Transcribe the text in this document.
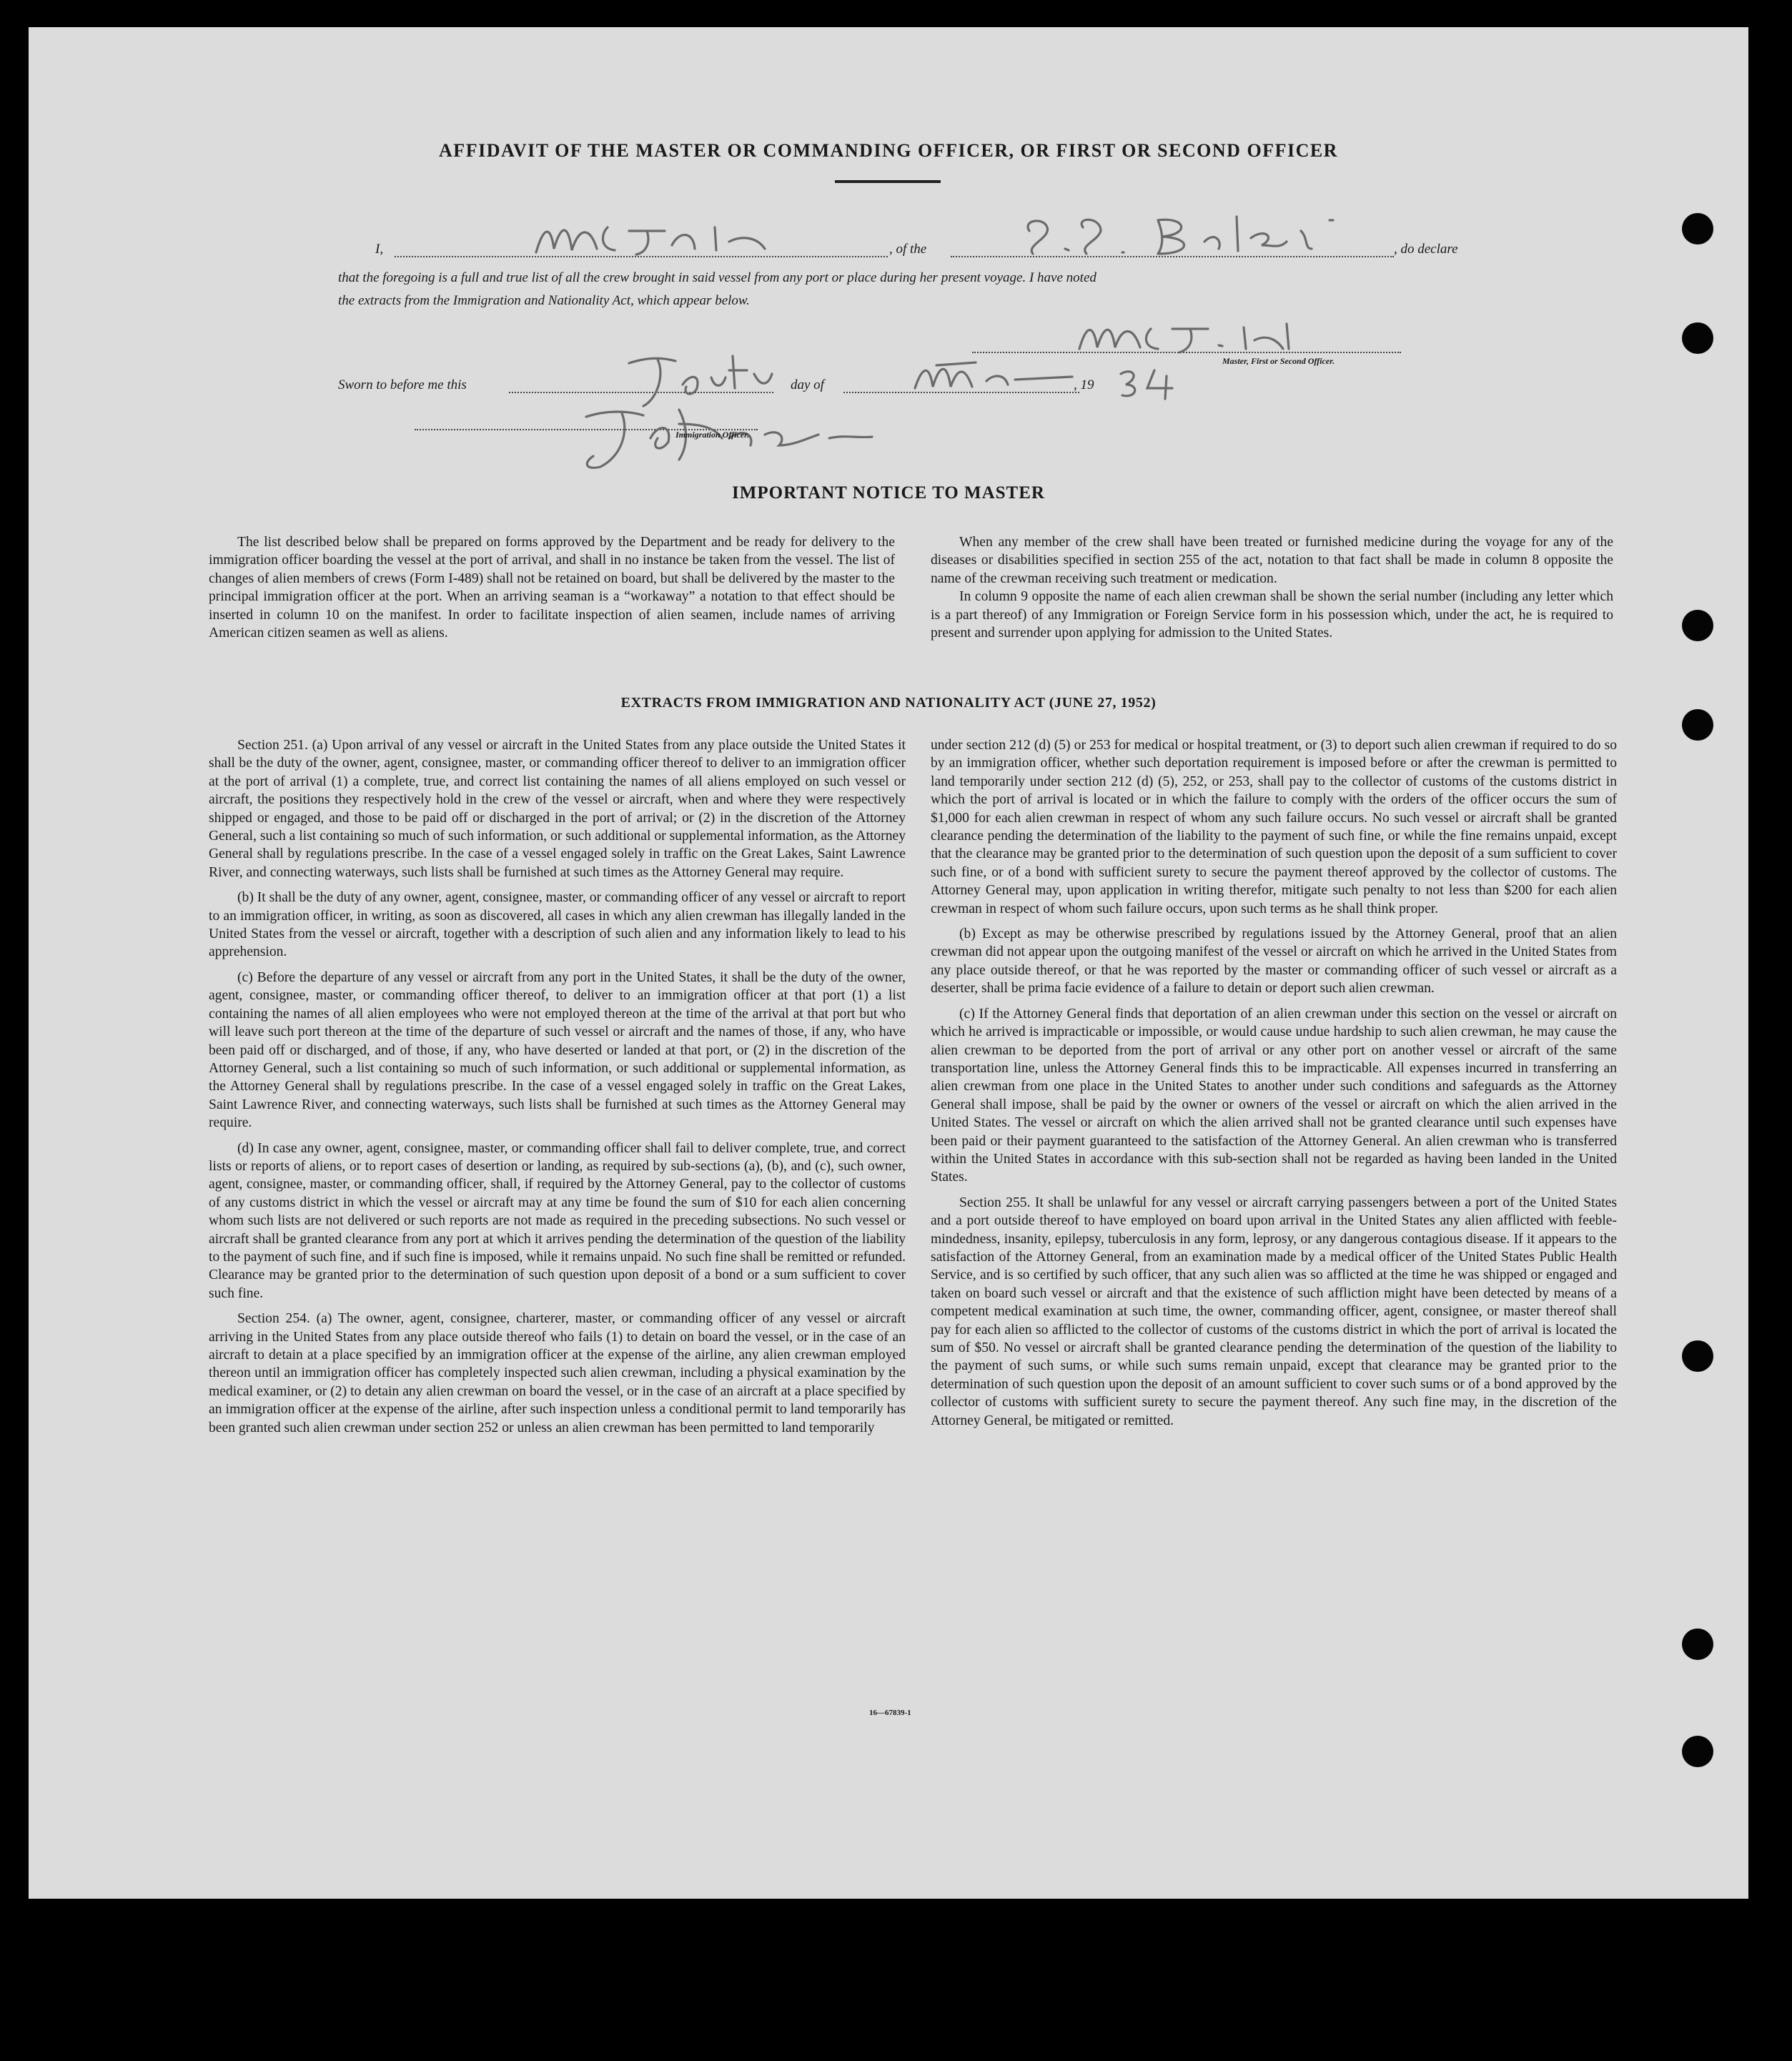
AFFIDAVIT OF THE MASTER OR COMMANDING OFFICER, OR FIRST OR SECOND OFFICER
I,	, of the	, do declare
that the foregoing is a full and true list of all the crew brought in said vessel from any port or place during her present voyage. I have noted
the extracts from the Immigration and Nationality Act, which appear below.
Master, First or Second Officer.
Sworn to before me this	day of	, 19
Immigration Officer.
IMPORTANT NOTICE TO MASTER

The list described below shall be prepared on forms approved by the Department and be ready for delivery to the immigration officer boarding the vessel at the port of arrival, and shall in no instance be taken from the vessel. The list of changes of alien members of crews (Form I-489) shall not be retained on board, but shall be delivered by the master to the principal immigration officer at the port. When an arriving seaman is a “workaway” a notation to that effect should be inserted in column 10 on the manifest. In order to facilitate inspection of alien seamen, include names of arriving American citizen seamen as well as aliens.

When any member of the crew shall have been treated or furnished medicine during the voyage for any of the diseases or disabilities specified in section 255 of the act, notation to that fact shall be made in column 8 opposite the name of the crewman receiving such treatment or medication.

In column 9 opposite the name of each alien crewman shall be shown the serial number (including any letter which is a part thereof) of any Immigration or Foreign Service form in his possession which, under the act, he is required to present and surrender upon applying for admission to the United States.

EXTRACTS FROM IMMIGRATION AND NATIONALITY ACT (JUNE 27, 1952)

Section 251. (a) Upon arrival of any vessel or aircraft in the United States from any place outside the United States it shall be the duty of the owner, agent, consignee, master, or commanding officer thereof to deliver to an immigration officer at the port of arrival (1) a complete, true, and correct list containing the names of all aliens employed on such vessel or aircraft, the positions they respectively hold in the crew of the vessel or aircraft, when and where they were respectively shipped or engaged, and those to be paid off or discharged in the port of arrival; or (2) in the discretion of the Attorney General, such a list containing so much of such information, or such additional or supplemental information, as the Attorney General shall by regulations prescribe. In the case of a vessel engaged solely in traffic on the Great Lakes, Saint Lawrence River, and connecting waterways, such lists shall be furnished at such times as the Attorney General may require.

(b) It shall be the duty of any owner, agent, consignee, master, or commanding officer of any vessel or aircraft to report to an immigration officer, in writing, as soon as discovered, all cases in which any alien crewman has illegally landed in the United States from the vessel or aircraft, together with a description of such alien and any information likely to lead to his apprehension.

(c) Before the departure of any vessel or aircraft from any port in the United States, it shall be the duty of the owner, agent, consignee, master, or commanding officer thereof, to deliver to an immigration officer at that port (1) a list containing the names of all alien employees who were not employed thereon at the time of the arrival at that port but who will leave such port thereon at the time of the departure of such vessel or aircraft and the names of those, if any, who have been paid off or discharged, and of those, if any, who have deserted or landed at that port, or (2) in the discretion of the Attorney General, such a list containing so much of such information, or such additional or supplemental information, as the Attorney General shall by regulations prescribe. In the case of a vessel engaged solely in traffic on the Great Lakes, Saint Lawrence River, and connecting waterways, such lists shall be furnished at such times as the Attorney General may require.

(d) In case any owner, agent, consignee, master, or commanding officer shall fail to deliver complete, true, and correct lists or reports of aliens, or to report cases of desertion or landing, as required by sub-sections (a), (b), and (c), such owner, agent, consignee, master, or commanding officer, shall, if required by the Attorney General, pay to the collector of customs of any customs district in which the vessel or aircraft may at any time be found the sum of $10 for each alien concerning whom such lists are not delivered or such reports are not made as required in the preceding subsections. No such vessel or aircraft shall be granted clearance from any port at which it arrives pending the determination of the question of the liability to the payment of such fine, and if such fine is imposed, while it remains unpaid. No such fine shall be remitted or refunded. Clearance may be granted prior to the determination of such question upon deposit of a bond or a sum sufficient to cover such fine.

Section 254. (a) The owner, agent, consignee, charterer, master, or commanding officer of any vessel or aircraft arriving in the United States from any place outside thereof who fails (1) to detain on board the vessel, or in the case of an aircraft to detain at a place specified by an immigration officer at the expense of the airline, any alien crewman employed thereon until an immigration officer has completely inspected such alien crewman, including a physical examination by the medical examiner, or (2) to detain any alien crewman on board the vessel, or in the case of an aircraft at a place specified by an immigration officer at the expense of the airline, after such inspection unless a conditional permit to land temporarily has been granted such alien crewman under section 252 or unless an alien crewman has been permitted to land temporarily

under section 212 (d) (5) or 253 for medical or hospital treatment, or (3) to deport such alien crewman if required to do so by an immigration officer, whether such deportation requirement is imposed before or after the crewman is permitted to land temporarily under section 212 (d) (5), 252, or 253, shall pay to the collector of customs of the customs district in which the port of arrival is located or in which the failure to comply with the orders of the officer occurs the sum of $1,000 for each alien crewman in respect of whom any such failure occurs. No such vessel or aircraft shall be granted clearance pending the determination of the liability to the payment of such fine, or while the fine remains unpaid, except that the clearance may be granted prior to the determination of such question upon the deposit of a sum sufficient to cover such fine, or of a bond with sufficient surety to secure the payment thereof approved by the collector of customs. The Attorney General may, upon application in writing therefor, mitigate such penalty to not less than $200 for each alien crewman in respect of whom such failure occurs, upon such terms as he shall think proper.

(b) Except as may be otherwise prescribed by regulations issued by the Attorney General, proof that an alien crewman did not appear upon the outgoing manifest of the vessel or aircraft on which he arrived in the United States from any place outside thereof, or that he was reported by the master or commanding officer of such vessel or aircraft as a deserter, shall be prima facie evidence of a failure to detain or deport such alien crewman.

(c) If the Attorney General finds that deportation of an alien crewman under this section on the vessel or aircraft on which he arrived is impracticable or impossible, or would cause undue hardship to such alien crewman, he may cause the alien crewman to be deported from the port of arrival or any other port on another vessel or aircraft of the same transportation line, unless the Attorney General finds this to be impracticable. All expenses incurred in transferring an alien crewman from one place in the United States to another under such conditions and safeguards as the Attorney General shall impose, shall be paid by the owner or owners of the vessel or aircraft on which the alien arrived in the United States. The vessel or aircraft on which the alien arrived shall not be granted clearance until such expenses have been paid or their payment guaranteed to the satisfaction of the Attorney General. An alien crewman who is transferred within the United States in accordance with this sub-section shall not be regarded as having been landed in the United States.

Section 255. It shall be unlawful for any vessel or aircraft carrying passengers between a port of the United States and a port outside thereof to have employed on board upon arrival in the United States any alien afflicted with feeble-mindedness, insanity, epilepsy, tuberculosis in any form, leprosy, or any dangerous contagious disease. If it appears to the satisfaction of the Attorney General, from an examination made by a medical officer of the United States Public Health Service, and is so certified by such officer, that any such alien was so afflicted at the time he was shipped or engaged and taken on board such vessel or aircraft and that the existence of such affliction might have been detected by means of a competent medical examination at such time, the owner, commanding officer, agent, consignee, or master thereof shall pay for each alien so afflicted to the collector of customs of the customs district in which the port of arrival is located the sum of $50. No vessel or aircraft shall be granted clearance pending the determination of the question of the liability to the payment of such sums, or while such sums remain unpaid, except that clearance may be granted prior to the determination of such question upon the deposit of an amount sufficient to cover such sums or of a bond approved by the collector of customs with sufficient surety to secure the payment thereof. Any such fine may, in the discretion of the Attorney General, be mitigated or remitted.

16—67839-1
